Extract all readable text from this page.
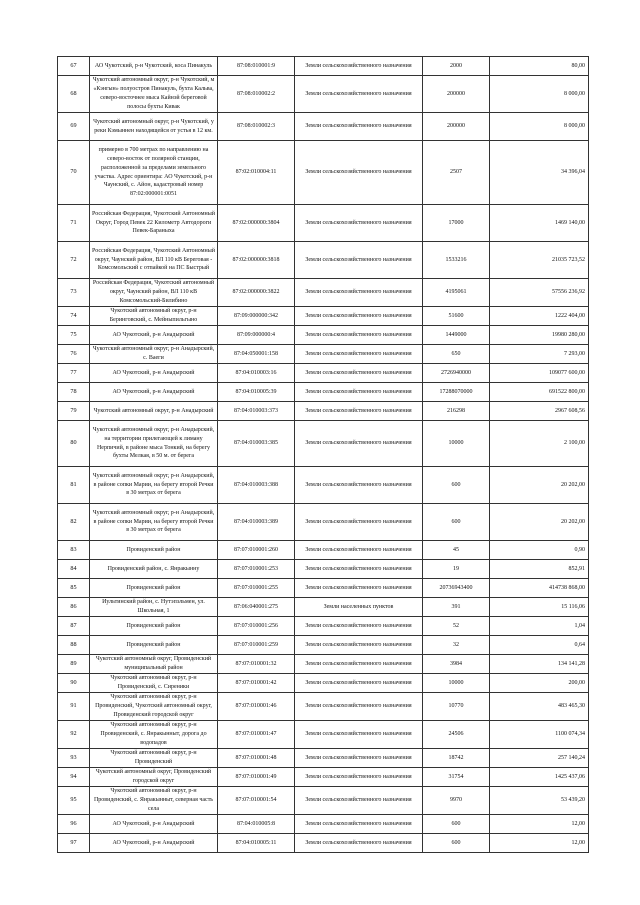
67	АО Чукотский, р-н Чукотский, коса Пинакуль	87:08:010001:9	Земли сельскохозяйственного назначения	2000	80,00
68	Чукотский автономный округ, р-н Чукотский, м «Кэнгын» полуостров Пинакуль, бухта Кальва, северо-восточнее мыса Кайнэй береговой полосы бухты Кивак	87:08:010002:2	Земли сельскохозяйственного назначения	200000	8 000,00
69	Чукотский автономный округ, р-н Чукотский, у реки Кэмыннен находящейся от устья в 12 км.	87:08:010002:3	Земли сельскохозяйственного назначения	200000	8 000,00
70	примерно в 700 метрах по направлению на северо-восток от полярной станции, расположенной за пределами земельного участка. Адрес ориентира: АО Чукотский, р-н Чаунский, с. Айон, кадастровый номер 87:02:000001:0051	87:02:010004:11	Земли сельскохозяйственного назначения	2507	34 396,04
71	Российская Федерация, Чукотский Автономный Округ, Город Певек 22 Километр Автодороги Певек-Бараныха	87:02:000000:3804	Земли сельскохозяйственного назначения	17000	1469 140,00
72	Российская Федерация, Чукотский Автономный округ, Чаунский район, ВЛ 110 кВ Береговая - Комсомольский с отпайкой на ПС Быстрый	87:02:000000:3818	Земли сельскохозяйственного назначения	1533216	21035 723,52
73	Российская Федерация, Чукотский автономный округ, Чаунский район, ВЛ 110 кВ Комсомольский-Билибино	87:02:000000:3822	Земли сельскохозяйственного назначения	4195061	57556 236,92
74	Чукотский автономный округ, р-н Беринговский, с. Мейныпильгыно	87:09:000000:342	Земли сельскохозяйственного назначения	51600	1222 404,00
75	АО Чукотский, р-н Анадырский	87:09:000000:4	Земли сельскохозяйственного назначения	1449000	19980 280,00
76	Чукотский автономный округ, р-н Анадырский, с. Ваеги	87:04:050001:158	Земли сельскохозяйственного назначения	650	7 293,00
77	АО Чукотский, р-н Анадырский	87:04:010003:16	Земли сельскохозяйственного назначения	2726940000	109077 600,00
78	АО Чукотский, р-н Анадырский	87:04:010005:39	Земли сельскохозяйственного назначения	17288070000	691522 800,00
79	Чукотский автономный округ, р-н Анадырский	87:04:010003:373	Земли сельскохозяйственного назначения	216298	2967 608,56
80	Чукотский автономный округ, р-н Анадырский, на территории прилегающей к лиману Нерпичий, в районе мыса Тонкий, на берегу бухты Мелкая, в 50 м. от берега	87:04:010003:385	Земли сельскохозяйственного назначения	10000	2 100,00
81	Чукотский автономный округ, р-н Анадырский, в районе сопки Марии, на берегу второй Речки в 30 метрах от берега	87:04:010003:388	Земли сельскохозяйственного назначения	600	20 202,00
82	Чукотский автономный округ, р-н Анадырский, в районе сопки Марии, на берегу второй Речки в 30 метрах от берега	87:04:010003:389	Земли сельскохозяйственного назначения	600	20 202,00
83	Провиденский район	87:07:010001:260	Земли сельскохозяйственного назначения	45	0,90
84	Провиденский район, с. Янракынну	87:07:010001:253	Земли сельскохозяйственного назначения	19	852,91
85	Провиденский район	87:07:010001:255	Земли сельскохозяйственного назначения	20736943400	414738 868,00
86	Иультинский район, с. Нутэпэльмен, ул. Школьная, 1	87:06:040001:275	Земли населенных пунктов	391	15 116,06
87	Провиденский район	87:07:010001:256	Земли сельскохозяйственного назначения	52	1,04
88	Провиденский район	87:07:010001:259	Земли сельскохозяйственного назначения	32	0,64
89	Чукотский автономный округ, Провиденский муниципальный район	87:07:010001:32	Земли сельскохозяйственного назначения	3984	134 141,28
90	Чукотский автономный округ, р-н Провиденский, с. Сиреники	87:07:010001:42	Земли сельскохозяйственного назначения	10000	200,00
91	Чукотский автономный округ, р-н Провиденский, Чукотский автономный округ, Провиденский городской округ	87:07:010001:46	Земли сельскохозяйственного назначения	10770	483 465,30
92	Чукотский автономный округ, р-н Провиденский, с. Янракынныт, дорога до водопадов	87:07:010001:47	Земли сельскохозяйственного назначения	24506	1100 074,34
93	Чукотский автономный округ, р-н Провиденский	87:07:010001:48	Земли сельскохозяйственного назначения	18742	257 140,24
94	Чукотский автономный округ, Провиденский городской округ	87:07:010001:49	Земли сельскохозяйственного назначения	31754	1425 437,06
95	Чукотский автономный округ, р-н Провиденский, с. Янракынныт, северная часть села	87:07:010001:54	Земли сельскохозяйственного назначения	9970	53 439,20
96	АО Чукотский, р-н Анадырский	87:04:010005:8	Земли сельскохозяйственного назначения	600	12,00
97	АО Чукотский, р-н Анадырский	87:04:010005:11	Земли сельскохозяйственного назначения	600	12,00
